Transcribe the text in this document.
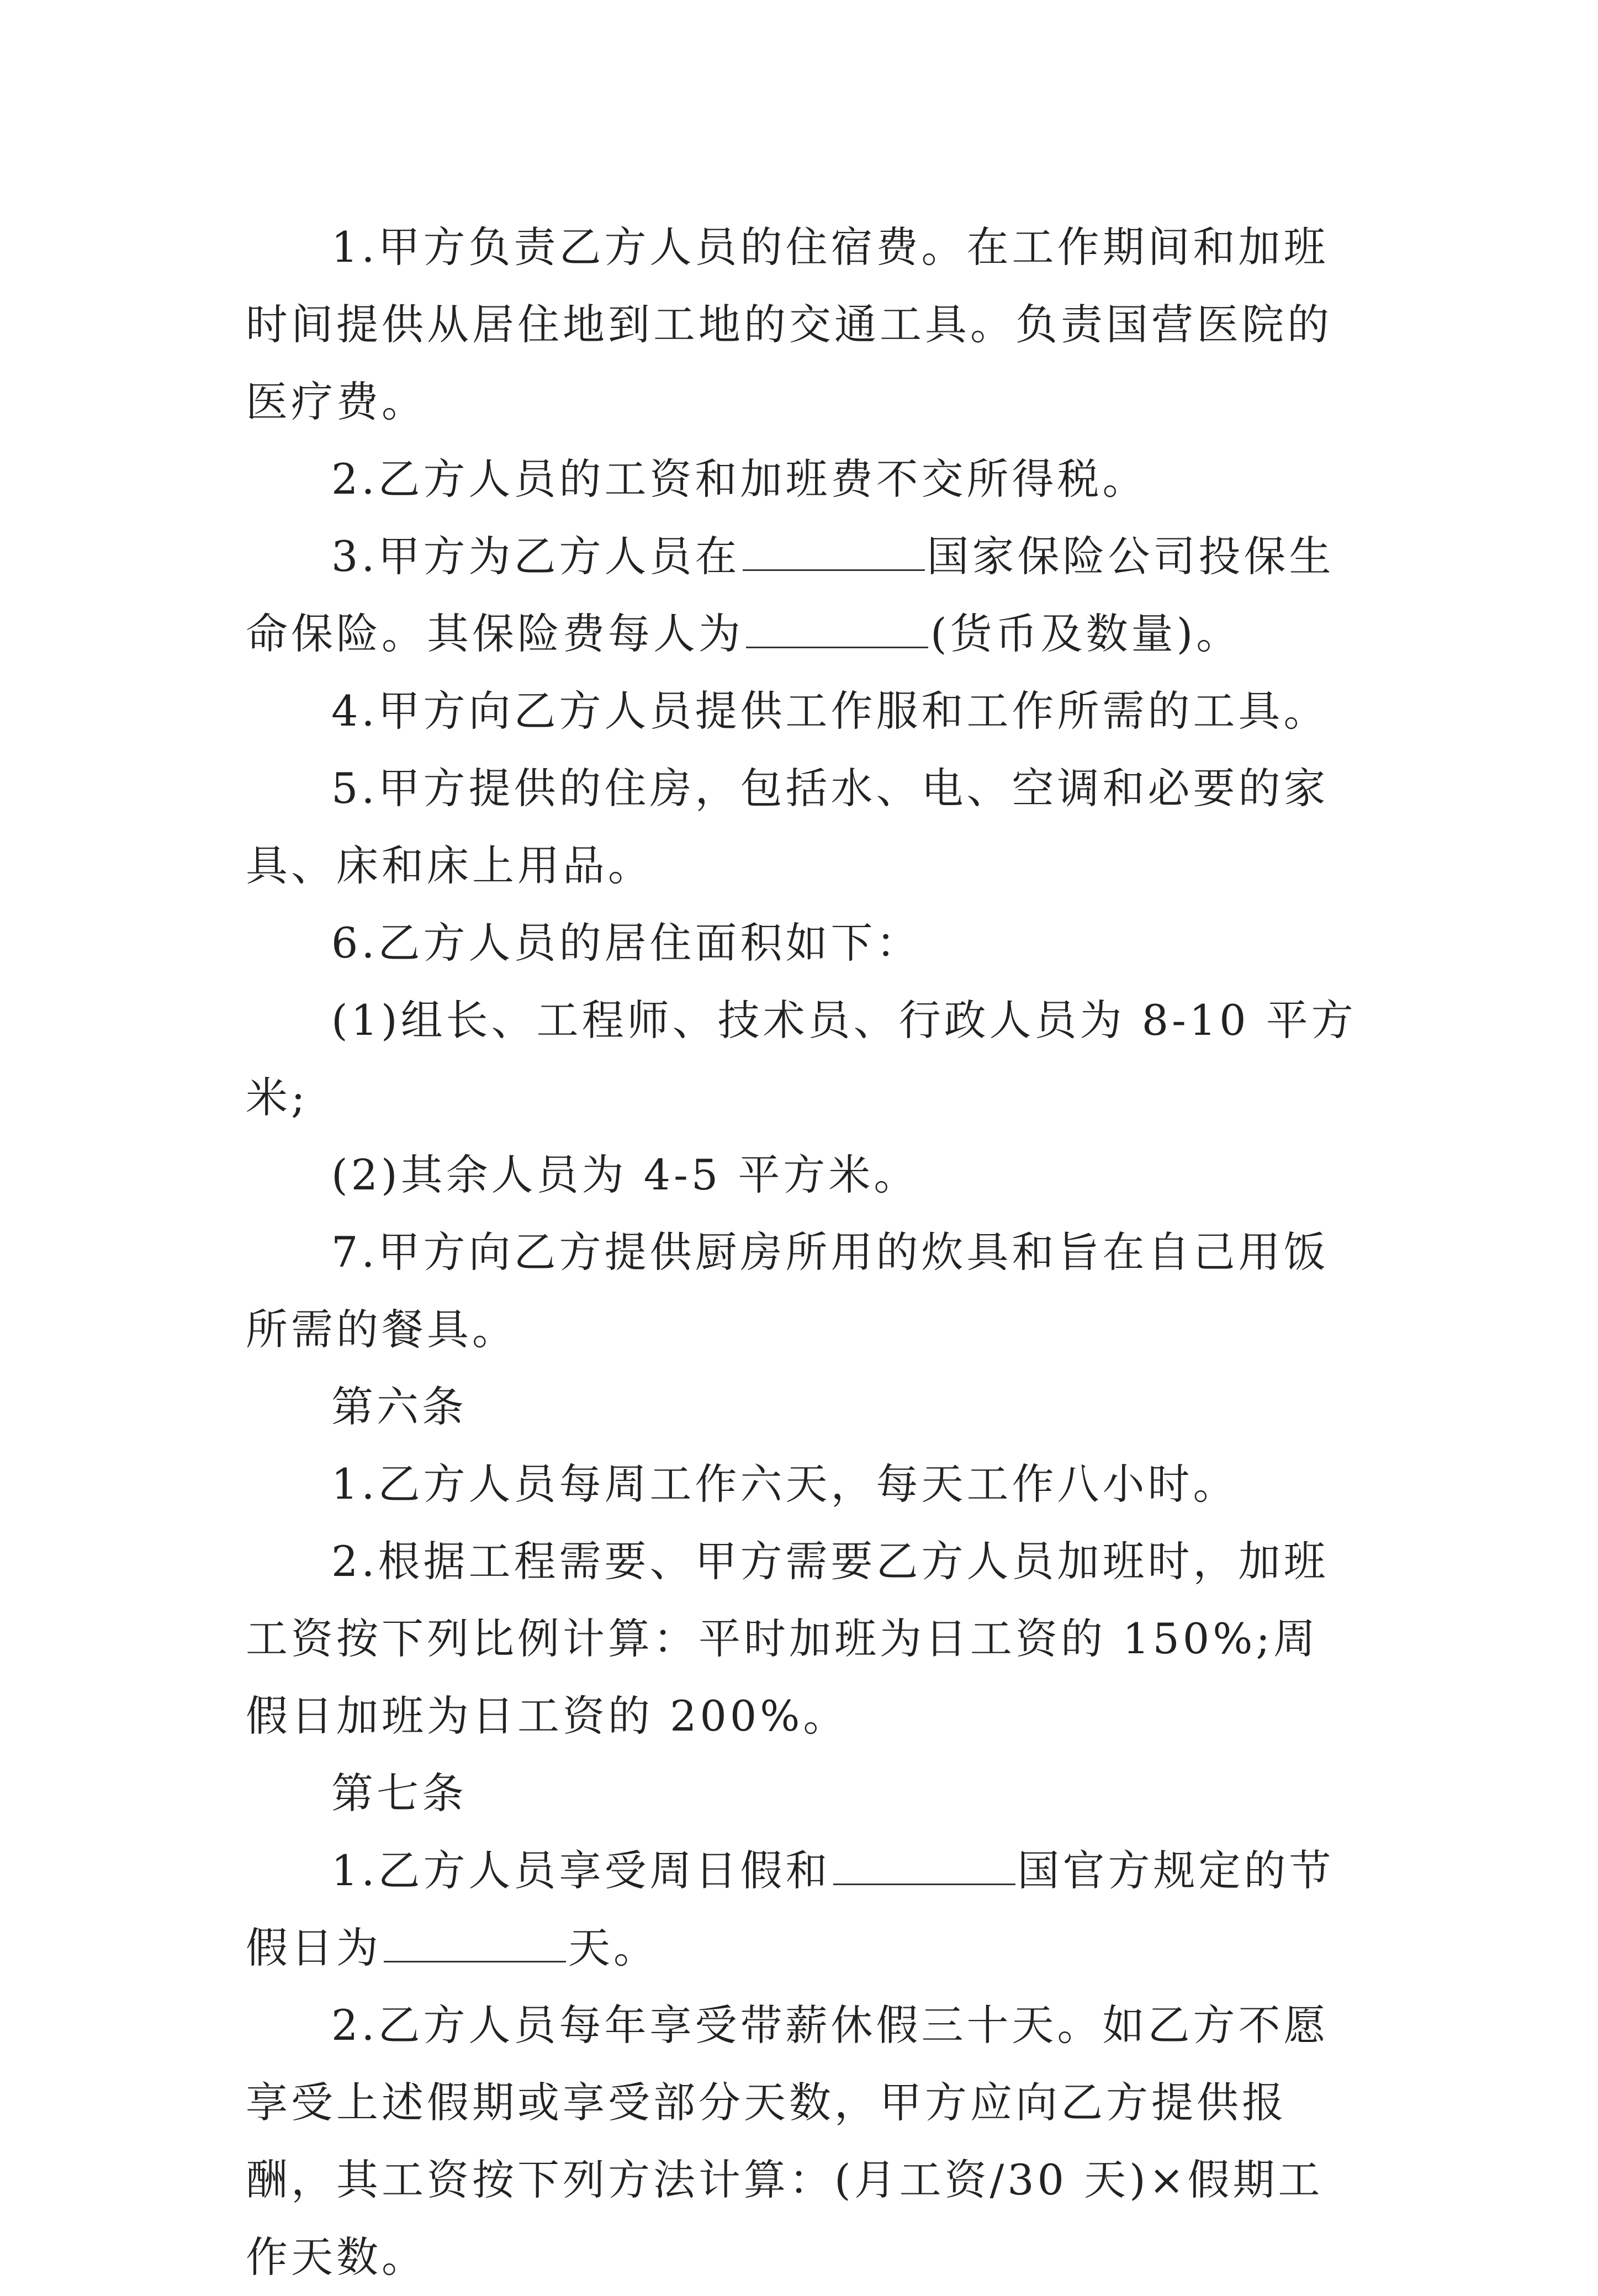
1.甲方负责乙方人员的住宿费。在工作期间和加班时间提供从居住地到工地的交通工具。负责国营医院的医疗费。

2.乙方人员的工资和加班费不交所得税。

3.甲方为乙方人员在	国家保险公司投保生命保险。其保险费每人为	(货币及数量)。

4.甲方向乙方人员提供工作服和工作所需的工具。

5.甲方提供的住房，包括水、电、空调和必要的家具、床和床上用品。

6.乙方人员的居住面积如下：

(1)组长、工程师、技术员、行政人员为 8-10 平方米;

(2)其余人员为 4-5 平方米。

7.甲方向乙方提供厨房所用的炊具和旨在自己用饭所需的餐具。

第六条

1.乙方人员每周工作六天，每天工作八小时。

2.根据工程需要、甲方需要乙方人员加班时，加班工资按下列比例计算：平时加班为日工资的 150%;周假日加班为日工资的 200%。

第七条

1.乙方人员享受周日假和	国官方规定的节假日为	天。

2.乙方人员每年享受带薪休假三十天。如乙方不愿享受上述假期或享受部分天数，甲方应向乙方提供报酬，其工资按下列方法计算：(月工资/30 天)×假期工作天数。
